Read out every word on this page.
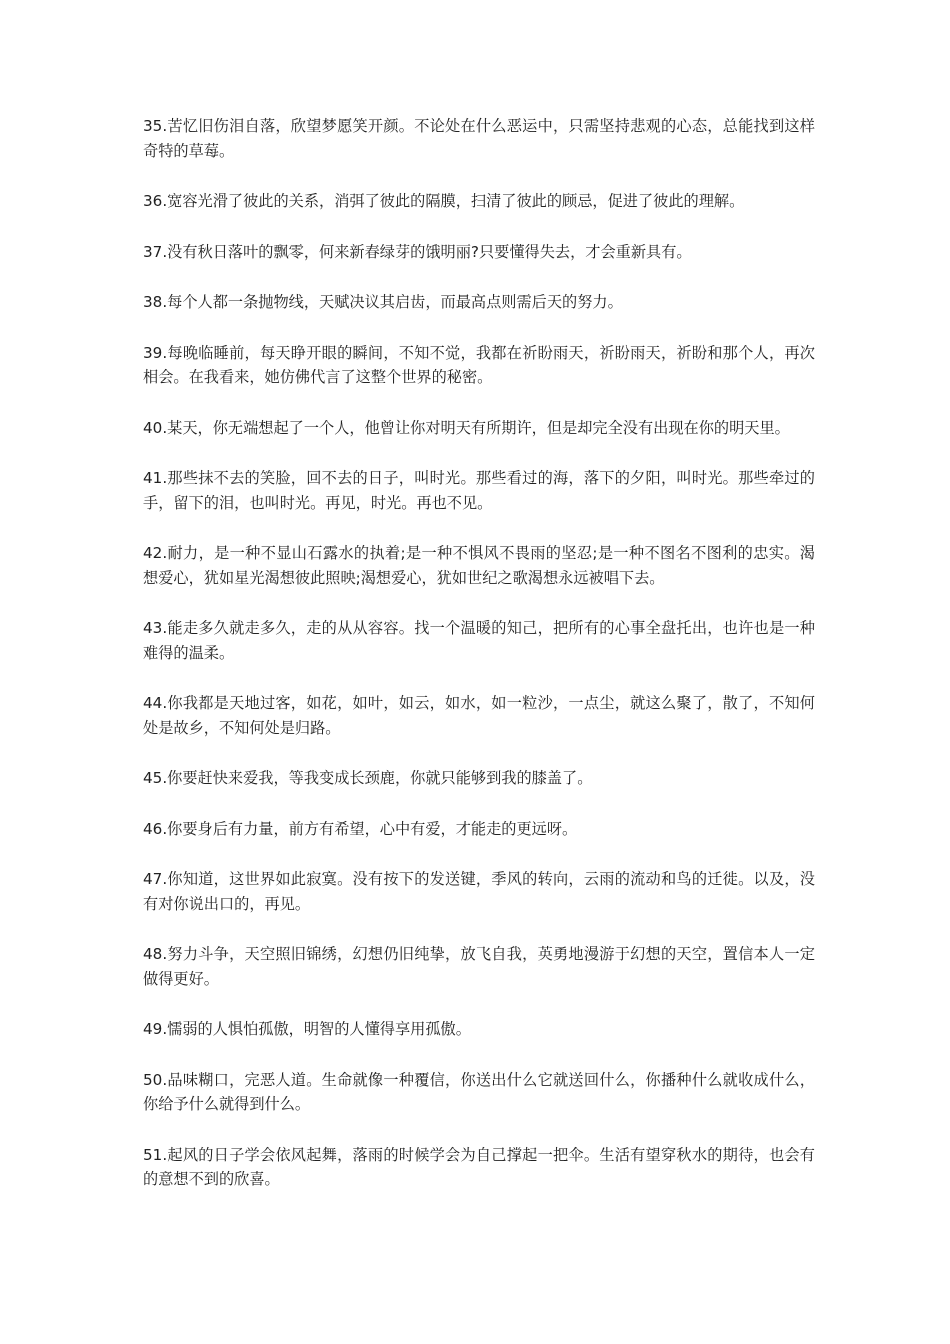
35.苦忆旧伤泪自落，欣望梦愿笑开颜。不论处在什么恶运中，只需坚持悲观的心态，总能找到这样奇特的草莓。

36.宽容光滑了彼此的关系，消弭了彼此的隔膜，扫清了彼此的顾忌，促进了彼此的理解。

37.没有秋日落叶的飘零，何来新春绿芽的饿明丽?只要懂得失去，才会重新具有。

38.每个人都一条抛物线，天赋决议其启齿，而最高点则需后天的努力。

39.每晚临睡前，每天睁开眼的瞬间，不知不觉，我都在祈盼雨天，祈盼雨天，祈盼和那个人，再次相会。在我看来，她仿佛代言了这整个世界的秘密。

40.某天，你无端想起了一个人，他曾让你对明天有所期许，但是却完全没有出现在你的明天里。

41.那些抹不去的笑脸，回不去的日子，叫时光。那些看过的海，落下的夕阳，叫时光。那些牵过的手，留下的泪，也叫时光。再见，时光。再也不见。

42.耐力，是一种不显山石露水的执着;是一种不惧风不畏雨的坚忍;是一种不图名不图利的忠实。渴想爱心，犹如星光渴想彼此照映;渴想爱心，犹如世纪之歌渴想永远被唱下去。

43.能走多久就走多久，走的从从容容。找一个温暖的知己，把所有的心事全盘托出，也许也是一种难得的温柔。

44.你我都是天地过客，如花，如叶，如云，如水，如一粒沙，一点尘，就这么聚了，散了，不知何处是故乡，不知何处是归路。

45.你要赶快来爱我，等我变成长颈鹿，你就只能够到我的膝盖了。

46.你要身后有力量，前方有希望，心中有爱，才能走的更远呀。

47.你知道，这世界如此寂寞。没有按下的发送键，季风的转向，云雨的流动和鸟的迁徙。以及，没有对你说出口的，再见。

48.努力斗争，天空照旧锦绣，幻想仍旧纯挚，放飞自我，英勇地漫游于幻想的天空，置信本人一定做得更好。

49.懦弱的人惧怕孤傲，明智的人懂得享用孤傲。

50.品味糊口，完恶人道。生命就像一种覆信，你送出什么它就送回什么，你播种什么就收成什么，你给予什么就得到什么。

51.起风的日子学会依风起舞，落雨的时候学会为自己撑起一把伞。生活有望穿秋水的期待，也会有的意想不到的欣喜。
